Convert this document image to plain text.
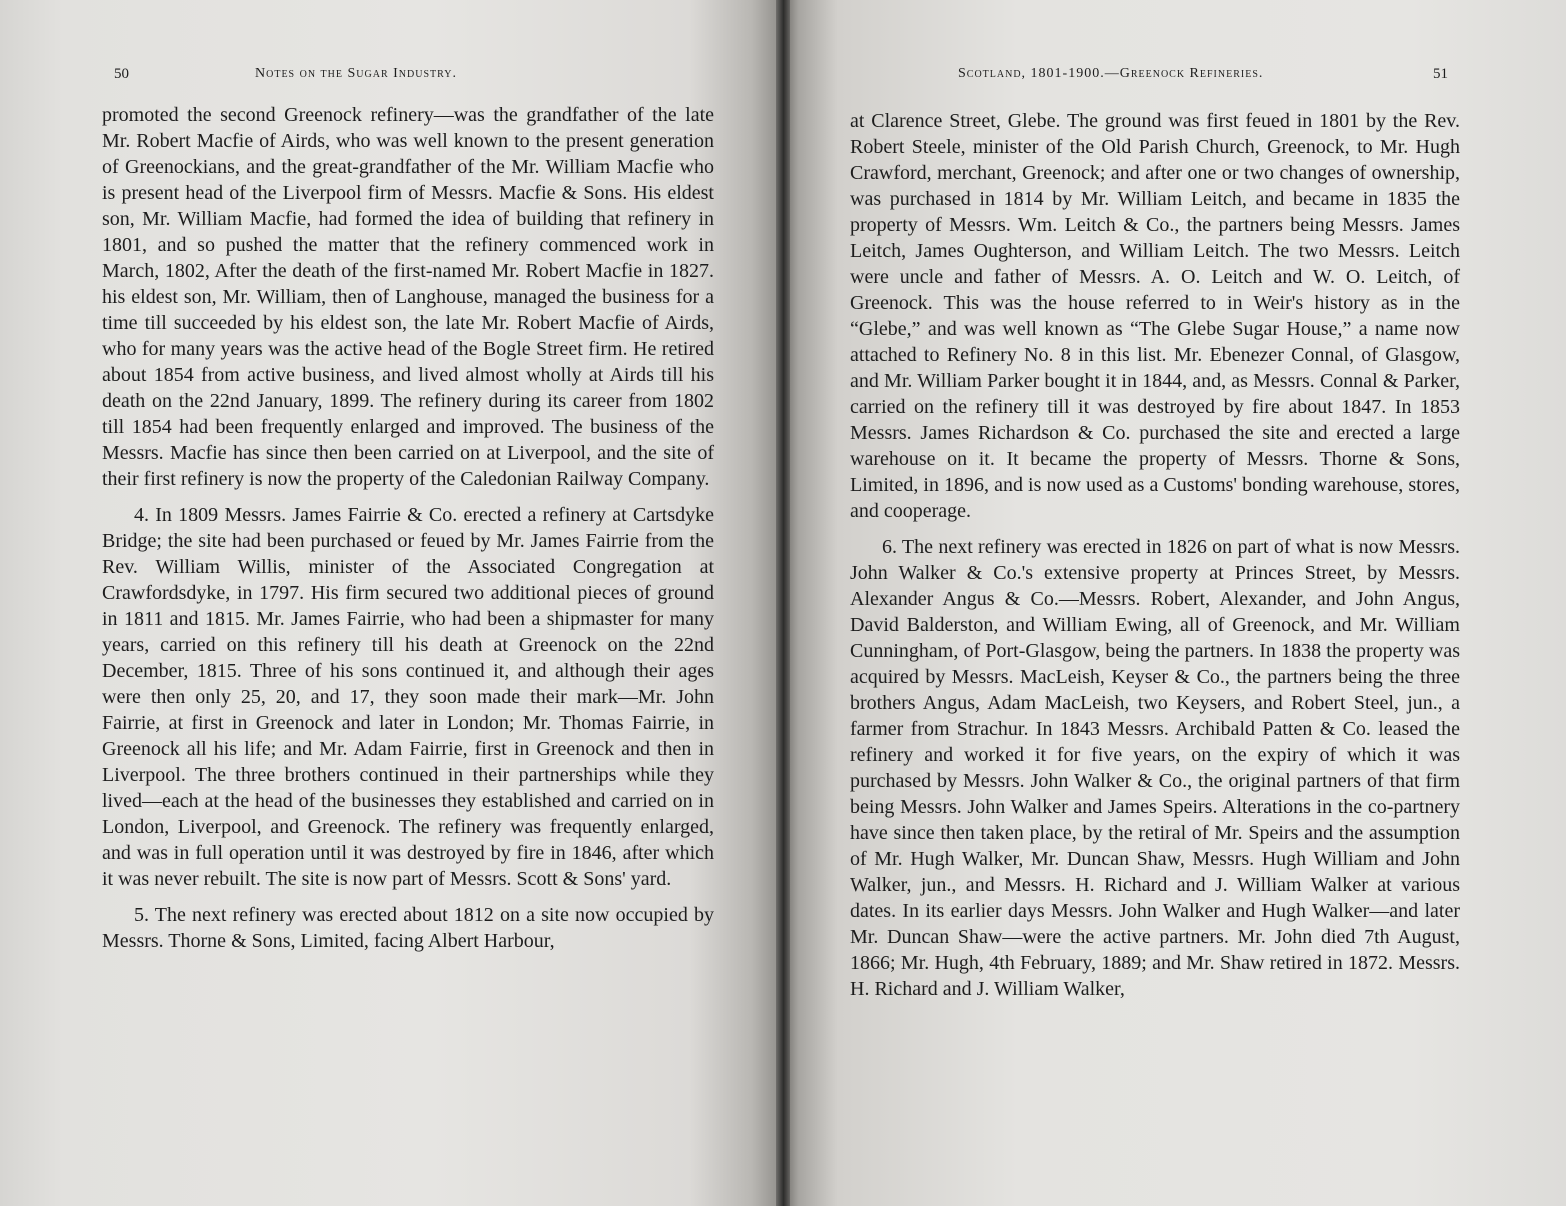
50	Notes on the Sugar Industry.

promoted the second Greenock refinery—was the grandfather of the late Mr. Robert Macfie of Airds, who was well known to the present generation of Greenockians, and the great-grandfather of the Mr. William Macfie who is present head of the Liverpool firm of Messrs. Macfie & Sons. His eldest son, Mr. William Macfie, had formed the idea of building that refinery in 1801, and so pushed the matter that the refinery commenced work in March, 1802, After the death of the first-named Mr. Robert Macfie in 1827. his eldest son, Mr. William, then of Langhouse, managed the business for a time till succeeded by his eldest son, the late Mr. Robert Macfie of Airds, who for many years was the active head of the Bogle Street firm. He retired about 1854 from active business, and lived almost wholly at Airds till his death on the 22nd January, 1899. The refinery during its career from 1802 till 1854 had been frequently enlarged and improved. The business of the Messrs. Macfie has since then been carried on at Liverpool, and the site of their first refinery is now the property of the Caledonian Railway Company.

4. In 1809 Messrs. James Fairrie & Co. erected a refinery at Cartsdyke Bridge; the site had been purchased or feued by Mr. James Fairrie from the Rev. William Willis, minister of the Associated Congregation at Crawfordsdyke, in 1797. His firm secured two additional pieces of ground in 1811 and 1815. Mr. James Fairrie, who had been a shipmaster for many years, carried on this refinery till his death at Greenock on the 22nd December, 1815. Three of his sons continued it, and although their ages were then only 25, 20, and 17, they soon made their mark—Mr. John Fairrie, at first in Greenock and later in London; Mr. Thomas Fairrie, in Greenock all his life; and Mr. Adam Fairrie, first in Greenock and then in Liverpool. The three brothers continued in their partnerships while they lived—each at the head of the businesses they established and carried on in London, Liverpool, and Greenock. The refinery was frequently enlarged, and was in full operation until it was destroyed by fire in 1846, after which it was never rebuilt. The site is now part of Messrs. Scott & Sons' yard.

5. The next refinery was erected about 1812 on a site now occupied by Messrs. Thorne & Sons, Limited, facing Albert Harbour,

Scotland, 1801-1900.—Greenock Refineries.	51

at Clarence Street, Glebe. The ground was first feued in 1801 by the Rev. Robert Steele, minister of the Old Parish Church, Greenock, to Mr. Hugh Crawford, merchant, Greenock; and after one or two changes of ownership, was purchased in 1814 by Mr. William Leitch, and became in 1835 the property of Messrs. Wm. Leitch & Co., the partners being Messrs. James Leitch, James Oughterson, and William Leitch. The two Messrs. Leitch were uncle and father of Messrs. A. O. Leitch and W. O. Leitch, of Greenock. This was the house referred to in Weir's history as in the “Glebe,” and was well known as “The Glebe Sugar House,” a name now attached to Refinery No. 8 in this list. Mr. Ebenezer Connal, of Glasgow, and Mr. William Parker bought it in 1844, and, as Messrs. Connal & Parker, carried on the refinery till it was destroyed by fire about 1847. In 1853 Messrs. James Richardson & Co. purchased the site and erected a large warehouse on it. It became the property of Messrs. Thorne & Sons, Limited, in 1896, and is now used as a Customs' bonding warehouse, stores, and cooperage.

6. The next refinery was erected in 1826 on part of what is now Messrs. John Walker & Co.'s extensive property at Princes Street, by Messrs. Alexander Angus & Co.—Messrs. Robert, Alexander, and John Angus, David Balderston, and William Ewing, all of Greenock, and Mr. William Cunningham, of Port-Glasgow, being the partners. In 1838 the property was acquired by Messrs. MacLeish, Keyser & Co., the partners being the three brothers Angus, Adam MacLeish, two Keysers, and Robert Steel, jun., a farmer from Strachur. In 1843 Messrs. Archibald Patten & Co. leased the refinery and worked it for five years, on the expiry of which it was purchased by Messrs. John Walker & Co., the original partners of that firm being Messrs. John Walker and James Speirs. Alterations in the co-partnery have since then taken place, by the retiral of Mr. Speirs and the assumption of Mr. Hugh Walker, Mr. Duncan Shaw, Messrs. Hugh William and John Walker, jun., and Messrs. H. Richard and J. William Walker at various dates. In its earlier days Messrs. John Walker and Hugh Walker—and later Mr. Duncan Shaw—were the active partners. Mr. John died 7th August, 1866; Mr. Hugh, 4th February, 1889; and Mr. Shaw retired in 1872. Messrs. H. Richard and J. William Walker,
